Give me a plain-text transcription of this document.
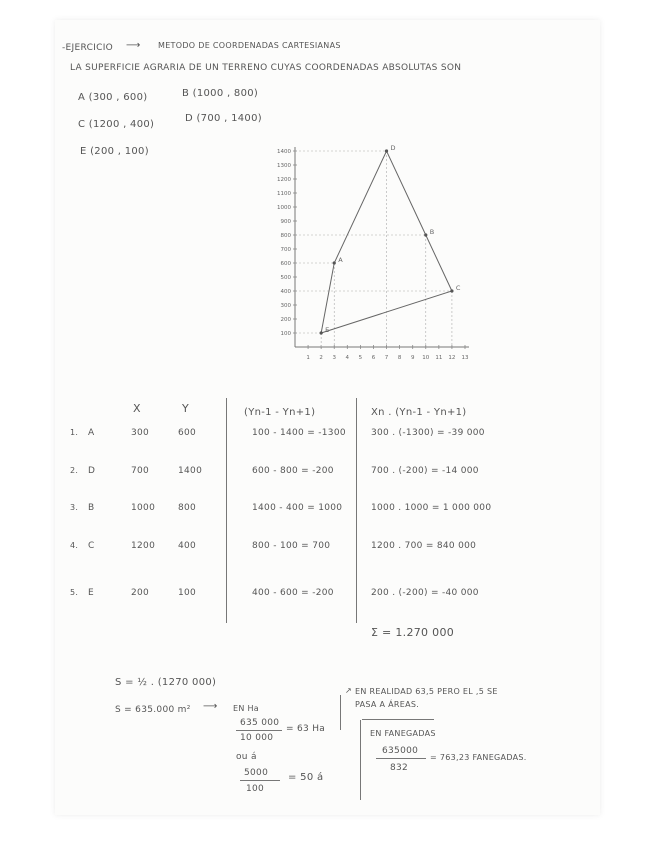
-EJERCICIO ⟶ METODO DE COORDENADAS CARTESIANAS
LA SUPERFICIE AGRARIA DE UN TERRENO CUYAS COORDENADAS ABSOLUTAS SON
A (300 , 600)	B (1000 , 800)
C (1200 , 400)
D (700 , 1400)
E (200 , 100)
1 2 3 4 5 6 7 8 9 10 11 12 13
100
200
300
400
500
600
700
800
900
1000
1100
1200
1300
1400
A
D
B
C
E
X	Y	(Yn-1 - Yn+1)	Xn . (Yn-1 - Yn+1)
1. A	300	600	100 - 1400 = -1300	300 . (-1300) = -39 000
2. D	700	1400	600 - 800 = -200	700 . (-200) = -14 000
3. B	1000	800	1400 - 400 = 1000	1000 . 1000 = 1 000 000
4. C	1200	400	800 - 100 = 700	1200 . 700 = 840 000
5. E	200	100	400 - 600 = -200	200 . (-200) = -40 000
Σ = 1.270 000
S = ½ . (1270 000)
S = 635.000 m² ⟶ EN Ha
635 000
10 000
= 63 Ha
ou á
5000
100
= 50 á
↗ EN REALIDAD 63,5 PERO EL ,5 SE
PASA A ÁREAS.
EN FANEGADAS
635000
832
= 763,23 FANEGADAS.
